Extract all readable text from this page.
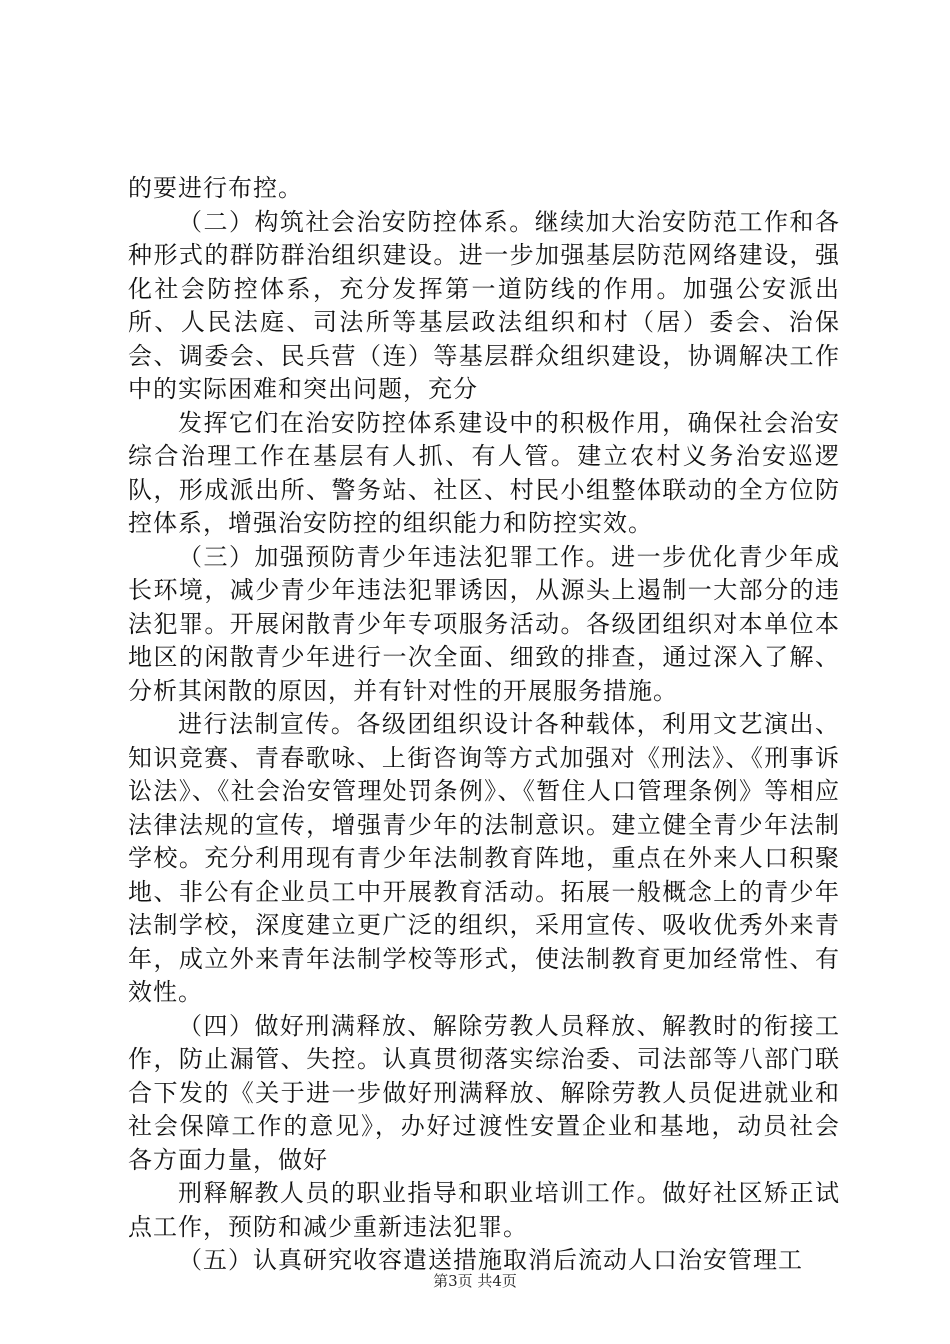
的要进行布控。

（二）构筑社会治安防控体系。继续加大治安防范工作和各种形式的群防群治组织建设。进一步加强基层防范网络建设，强化社会防控体系，充分发挥第一道防线的作用。加强公安派出所、人民法庭、司法所等基层政法组织和村（居）委会、治保会、调委会、民兵营（连）等基层群众组织建设，协调解决工作中的实际困难和突出问题，充分

发挥它们在治安防控体系建设中的积极作用，确保社会治安综合治理工作在基层有人抓、有人管。建立农村义务治安巡逻队，形成派出所、警务站、社区、村民小组整体联动的全方位防控体系，增强治安防控的组织能力和防控实效。

（三）加强预防青少年违法犯罪工作。进一步优化青少年成长环境，减少青少年违法犯罪诱因，从源头上遏制一大部分的违法犯罪。开展闲散青少年专项服务活动。各级团组织对本单位本地区的闲散青少年进行一次全面、细致的排查，通过深入了解、分析其闲散的原因，并有针对性的开展服务措施。

进行法制宣传。各级团组织设计各种载体，利用文艺演出、知识竞赛、青春歌咏、上街咨询等方式加强对《刑法》、《刑事诉讼法》、《社会治安管理处罚条例》、《暂住人口管理条例》等相应法律法规的宣传，增强青少年的法制意识。建立健全青少年法制学校。充分利用现有青少年法制教育阵地，重点在外来人口积聚地、非公有企业员工中开展教育活动。拓展一般概念上的青少年法制学校，深度建立更广泛的组织，采用宣传、吸收优秀外来青年，成立外来青年法制学校等形式，使法制教育更加经常性、有效性。

（四）做好刑满释放、解除劳教人员释放、解教时的衔接工作，防止漏管、失控。认真贯彻落实综治委、司法部等八部门联合下发的《关于进一步做好刑满释放、解除劳教人员促进就业和社会保障工作的意见》，办好过渡性安置企业和基地，动员社会各方面力量，做好

刑释解教人员的职业指导和职业培训工作。做好社区矫正试点工作，预防和减少重新违法犯罪。

（五）认真研究收容遣送措施取消后流动人口治安管理工

第3页 共4页
